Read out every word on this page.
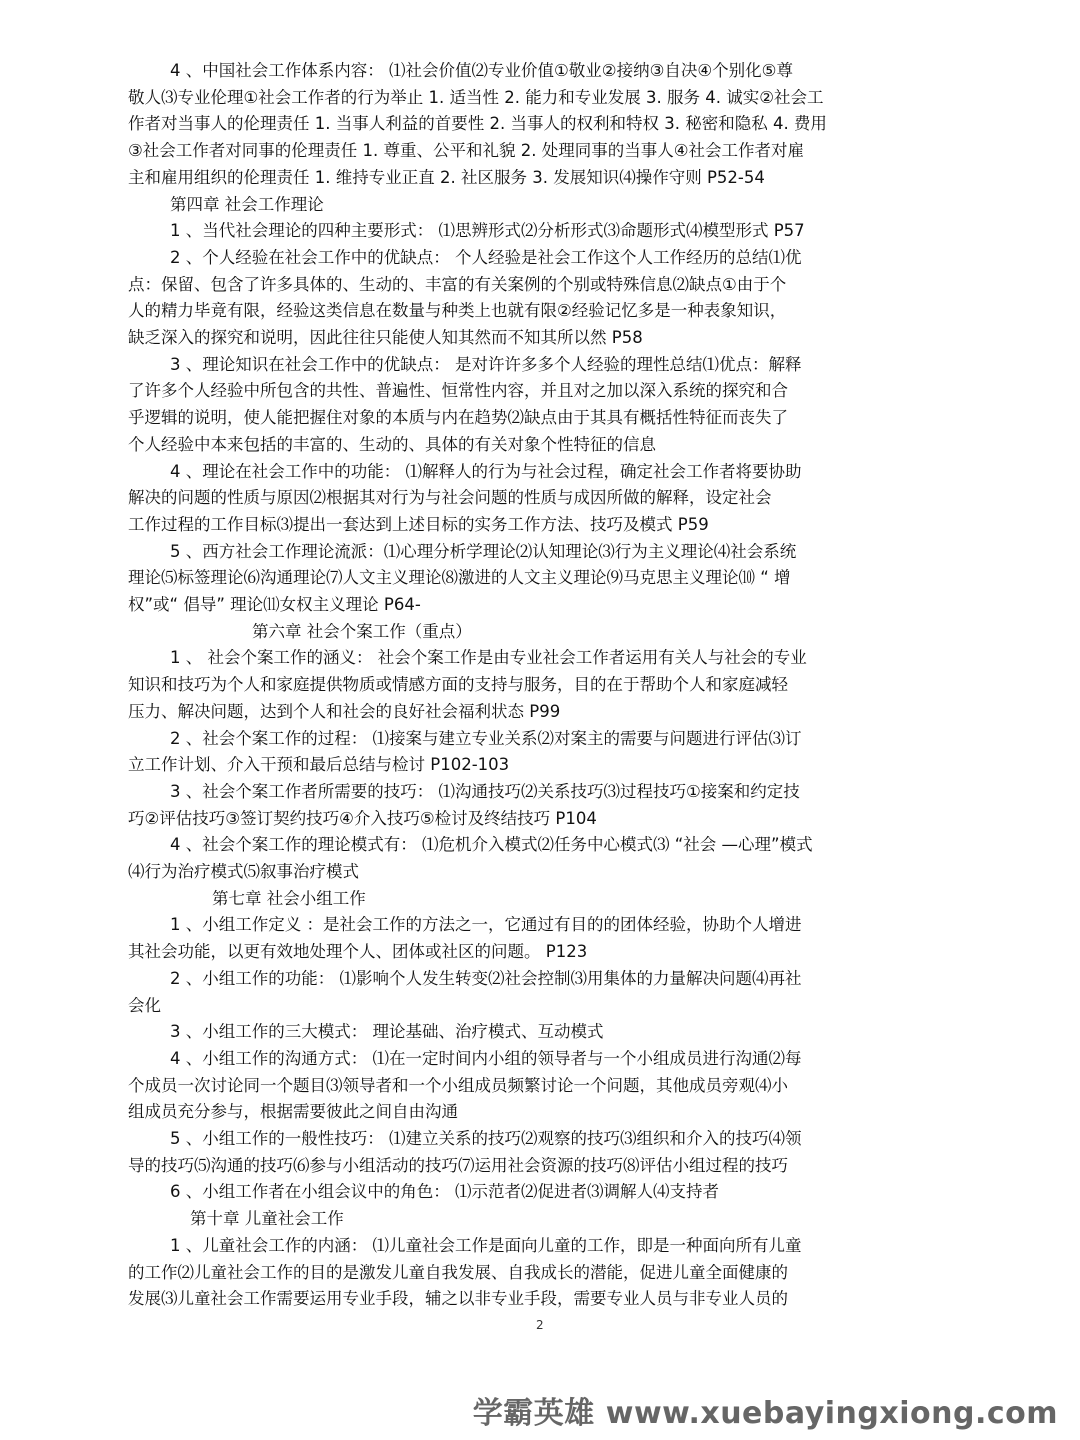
4 、中国社会工作体系内容： ⑴社会价值⑵专业价值①敬业②接纳③自决④个别化⑤尊
敬人⑶专业伦理①社会工作者的行为举止 1. 适当性 2. 能力和专业发展 3. 服务 4. 诚实②社会工
作者对当事人的伦理责任 1. 当事人利益的首要性 2. 当事人的权利和特权 3. 秘密和隐私 4. 费用
③社会工作者对同事的伦理责任 1. 尊重、公平和礼貌 2. 处理同事的当事人④社会工作者对雇
主和雇用组织的伦理责任 1. 维持专业正直 2. 社区服务 3. 发展知识⑷操作守则 P52-54
第四章 社会工作理论
1 、当代社会理论的四种主要形式： ⑴思辨形式⑵分析形式⑶命题形式⑷模型形式 P57
2 、个人经验在社会工作中的优缺点： 个人经验是社会工作这个人工作经历的总结⑴优
点：保留、包含了许多具体的、生动的、丰富的有关案例的个别或特殊信息⑵缺点①由于个
人的精力毕竟有限，经验这类信息在数量与种类上也就有限②经验记忆多是一种表象知识，
缺乏深入的探究和说明，因此往往只能使人知其然而不知其所以然 P58
3 、理论知识在社会工作中的优缺点： 是对许许多多个人经验的理性总结⑴优点：解释
了许多个人经验中所包含的共性、普遍性、恒常性内容，并且对之加以深入系统的探究和合
乎逻辑的说明，使人能把握住对象的本质与内在趋势⑵缺点由于其具有概括性特征而丧失了
个人经验中本来包括的丰富的、生动的、具体的有关对象个性特征的信息
4 、理论在社会工作中的功能： ⑴解释人的行为与社会过程，确定社会工作者将要协助
解决的问题的性质与原因⑵根据其对行为与社会问题的性质与成因所做的解释，设定社会
工作过程的工作目标⑶提出一套达到上述目标的实务工作方法、技巧及模式 P59
5 、西方社会工作理论流派：⑴心理分析学理论⑵认知理论⑶行为主义理论⑷社会系统
理论⑸标签理论⑹沟通理论⑺人文主义理论⑻激进的人文主义理论⑼马克思主义理论⑽ “ 增
权”或“ 倡导” 理论⑾女权主义理论 P64-
第六章 社会个案工作（重点）
1 、 社会个案工作的涵义： 社会个案工作是由专业社会工作者运用有关人与社会的专业
知识和技巧为个人和家庭提供物质或情感方面的支持与服务，目的在于帮助个人和家庭减轻
压力、解决问题，达到个人和社会的良好社会福利状态 P99
2 、社会个案工作的过程： ⑴接案与建立专业关系⑵对案主的需要与问题进行评估⑶订
立工作计划、介入干预和最后总结与检讨 P102-103
3 、社会个案工作者所需要的技巧： ⑴沟通技巧⑵关系技巧⑶过程技巧①接案和约定技
巧②评估技巧③签订契约技巧④介入技巧⑤检讨及终结技巧 P104
4 、社会个案工作的理论模式有： ⑴危机介入模式⑵任务中心模式⑶ “社会 —心理”模式
⑷行为治疗模式⑸叙事治疗模式
第七章 社会小组工作
1 、小组工作定义 ：是社会工作的方法之一，它通过有目的的团体经验，协助个人增进
其社会功能，以更有效地处理个人、团体或社区的问题。 P123
2 、小组工作的功能： ⑴影响个人发生转变⑵社会控制⑶用集体的力量解决问题⑷再社
会化
3 、小组工作的三大模式： 理论基础、治疗模式、互动模式
4 、小组工作的沟通方式： ⑴在一定时间内小组的领导者与一个小组成员进行沟通⑵每
个成员一次讨论同一个题目⑶领导者和一个小组成员频繁讨论一个问题，其他成员旁观⑷小
组成员充分参与，根据需要彼此之间自由沟通
5 、小组工作的一般性技巧： ⑴建立关系的技巧⑵观察的技巧⑶组织和介入的技巧⑷领
导的技巧⑸沟通的技巧⑹参与小组活动的技巧⑺运用社会资源的技巧⑻评估小组过程的技巧
6 、小组工作者在小组会议中的角色： ⑴示范者⑵促进者⑶调解人⑷支持者
第十章 儿童社会工作
1 、儿童社会工作的内涵： ⑴儿童社会工作是面向儿童的工作，即是一种面向所有儿童
的工作⑵儿童社会工作的目的是激发儿童自我发展、自我成长的潜能，促进儿童全面健康的
发展⑶儿童社会工作需要运用专业手段，辅之以非专业手段，需要专业人员与非专业人员的
2
学霸英雄 www.xuebayingxiong.com
